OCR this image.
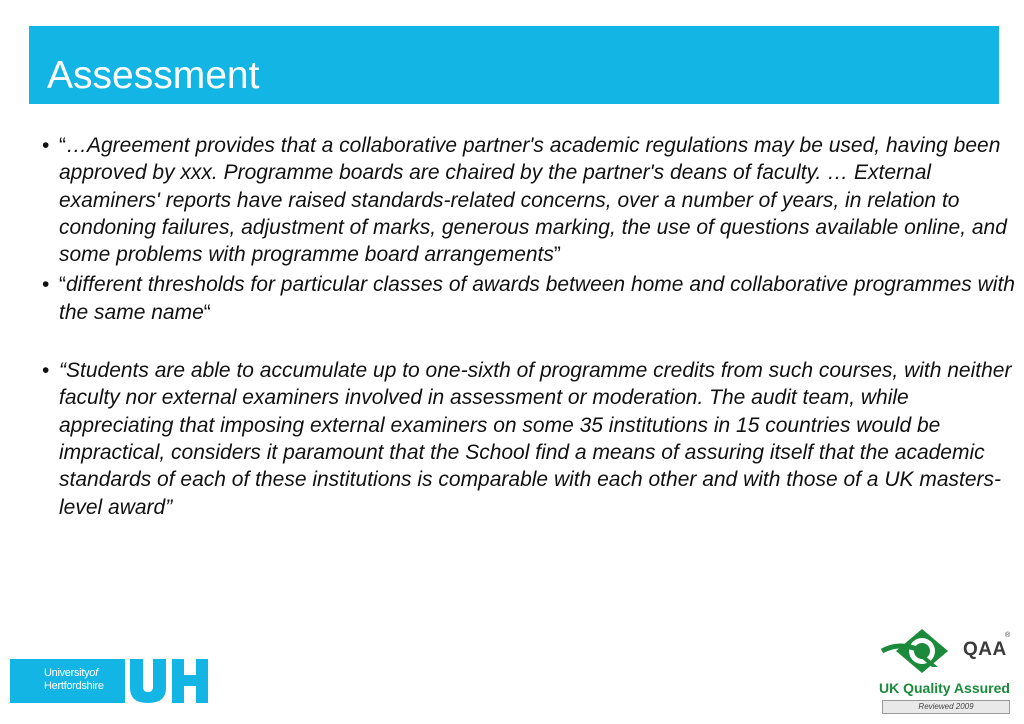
Assessment
• “…Agreement provides that a collaborative partner's academic regulations may be used, having been approved by xxx. Programme boards are chaired by the partner's deans of faculty. … External examiners' reports have raised standards-related concerns, over a number of years, in relation to condoning failures, adjustment of marks, generous marking, the use of questions available online, and some problems with programme board arrangements”
• “different thresholds for particular classes of awards between home and collaborative programmes with the same name“
• “Students are able to accumulate up to one-sixth of programme credits from such courses, with neither faculty nor external examiners involved in assessment or moderation. The audit team, while appreciating that imposing external examiners on some 35 institutions in 15 countries would be impractical, considers it paramount that the School find a means of assuring itself that the academic standards of each of these institutions is comparable with each other and with those of a UK masters-level award”
Universityof
Hertfordshire
QAA
®
UK Quality Assured
Reviewed 2009
